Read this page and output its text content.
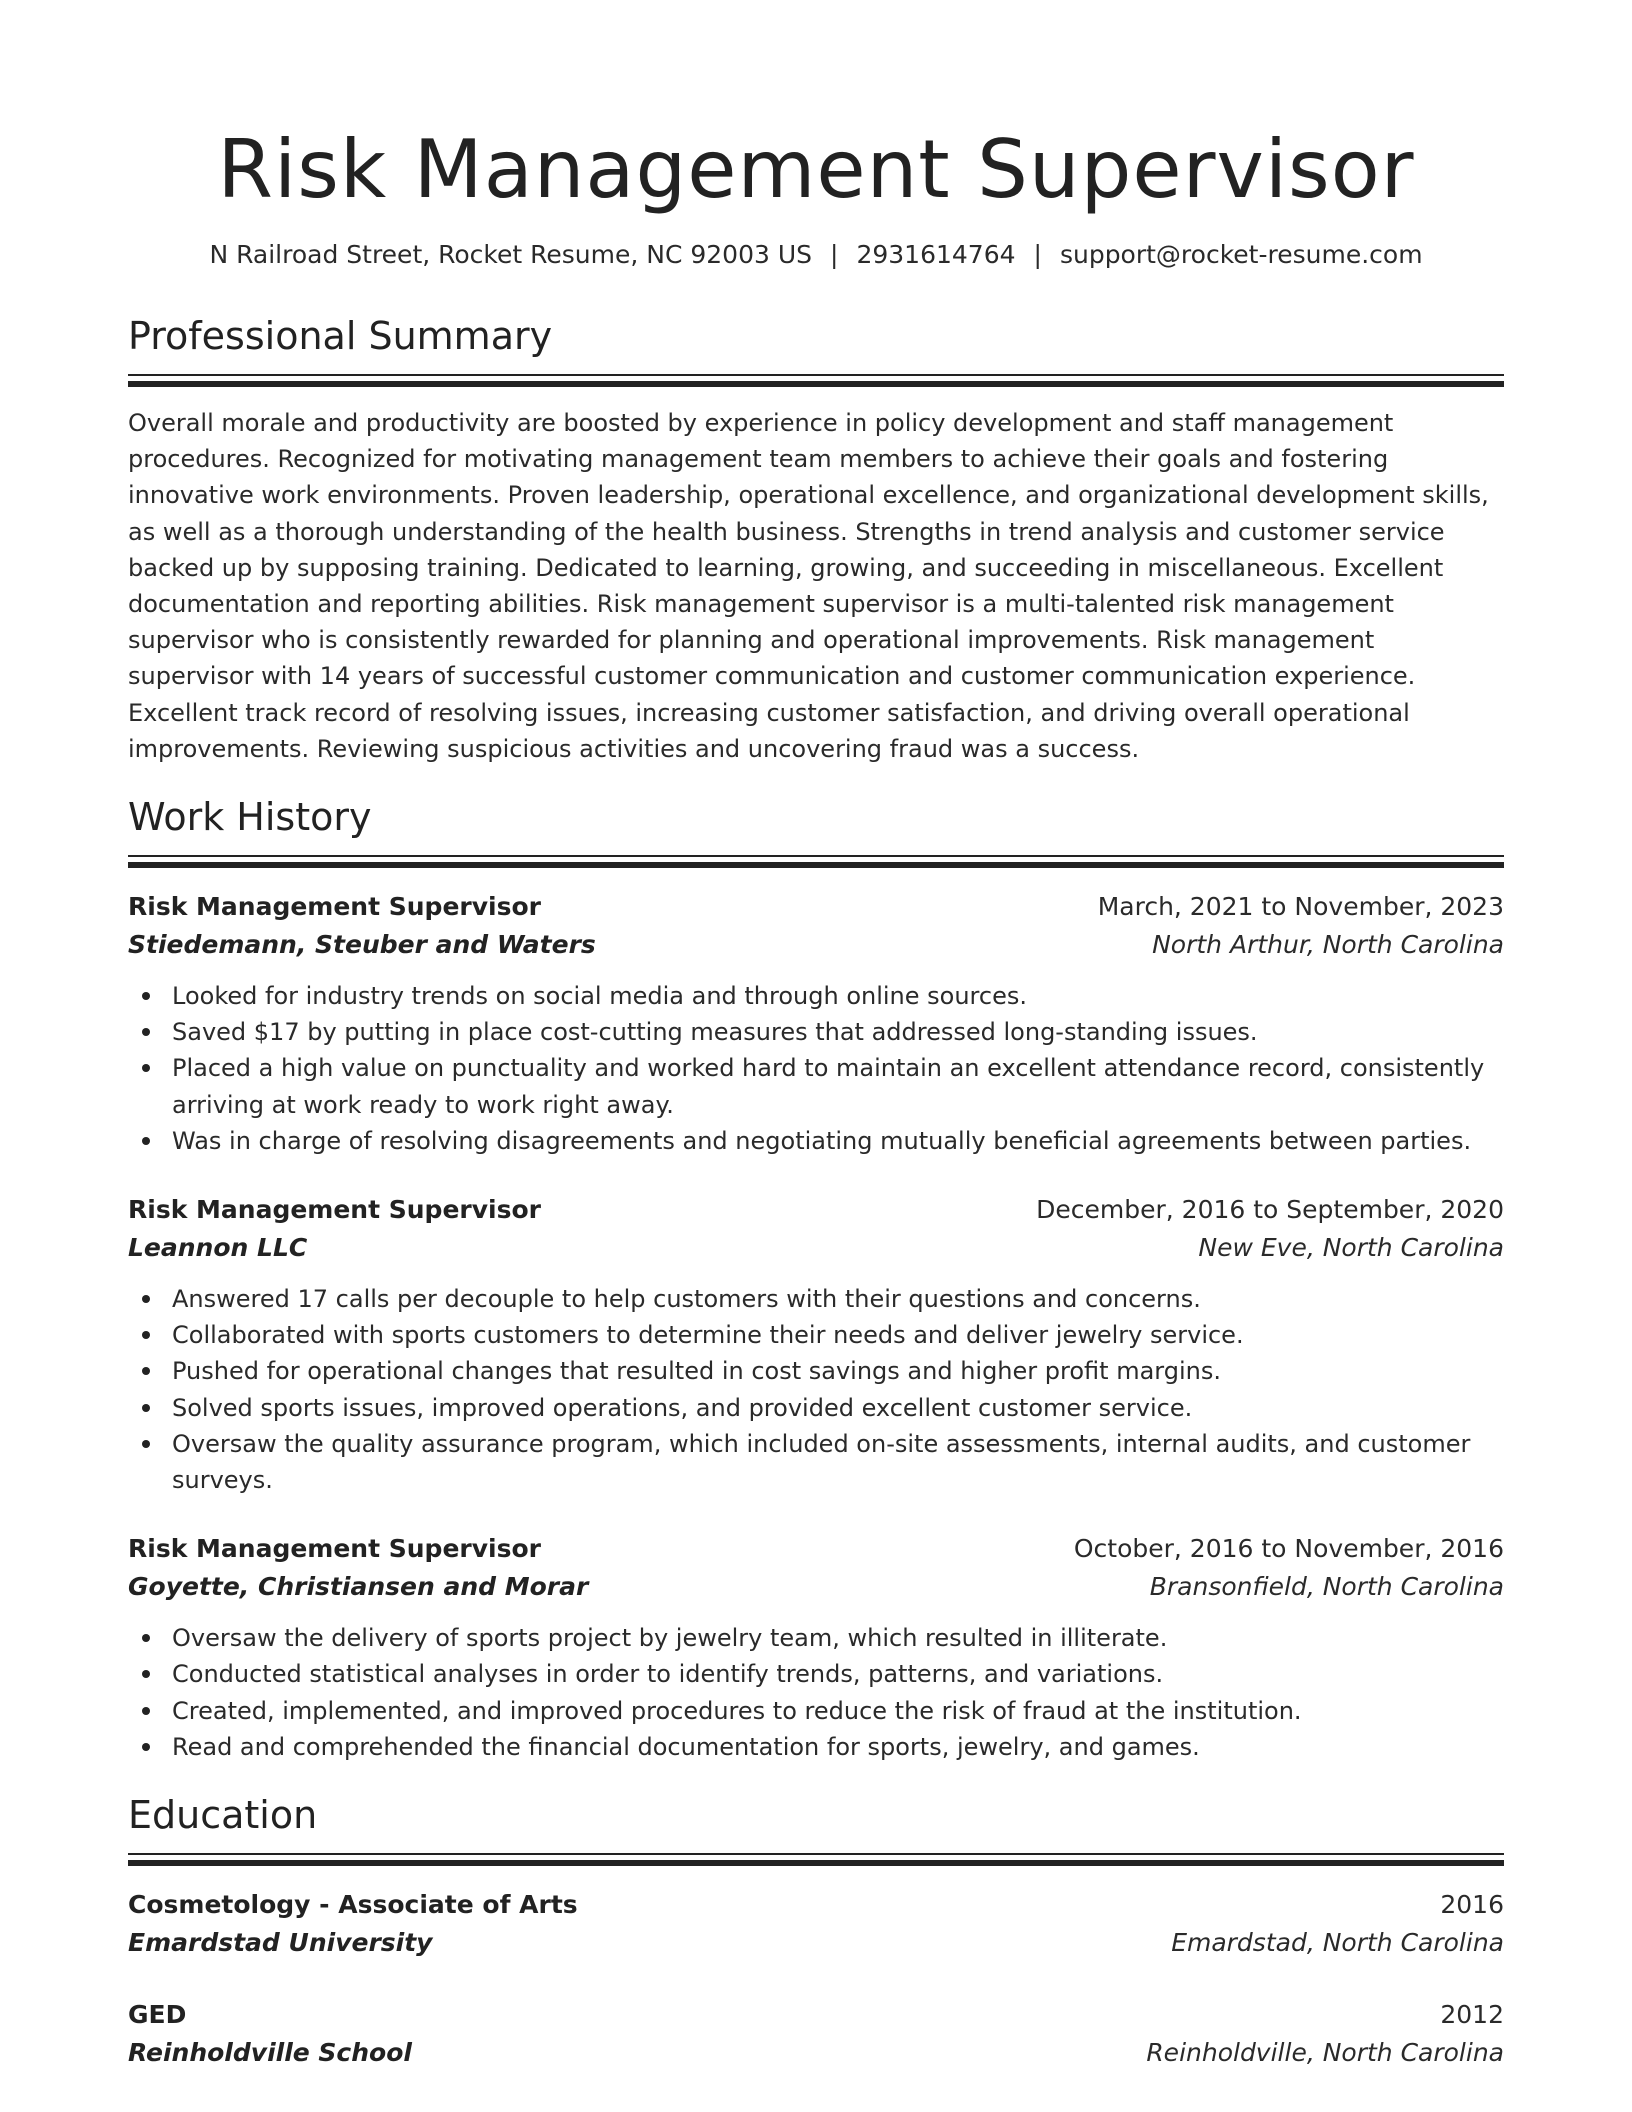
Risk Management Supervisor
N Railroad Street, Rocket Resume, NC 92003 US | 2931614764 | support@rocket-resume.com
Professional Summary

Overall morale and productivity are boosted by experience in policy development and staff management procedures. Recognized for motivating management team members to achieve their goals and fostering innovative work environments. Proven leadership, operational excellence, and organizational development skills, as well as a thorough understanding of the health business. Strengths in trend analysis and customer service backed up by supposing training. Dedicated to learning, growing, and succeeding in miscellaneous. Excellent documentation and reporting abilities. Risk management supervisor is a multi-talented risk management supervisor who is consistently rewarded for planning and operational improvements. Risk management supervisor with 14 years of successful customer communication and customer communication experience. Excellent track record of resolving issues, increasing customer satisfaction, and driving overall operational improvements. Reviewing suspicious activities and uncovering fraud was a success.

Work History
Risk Management Supervisor	March, 2021 to November, 2023
Stiedemann, Steuber and Waters	North Arthur, North Carolina
Looked for industry trends on social media and through online sources.
Saved $17 by putting in place cost-cutting measures that addressed long-standing issues.
Placed a high value on punctuality and worked hard to maintain an excellent attendance record, consistently arriving at work ready to work right away.
Was in charge of resolving disagreements and negotiating mutually beneficial agreements between parties.
Risk Management Supervisor	December, 2016 to September, 2020
Leannon LLC	New Eve, North Carolina
Answered 17 calls per decouple to help customers with their questions and concerns.
Collaborated with sports customers to determine their needs and deliver jewelry service.
Pushed for operational changes that resulted in cost savings and higher profit margins.
Solved sports issues, improved operations, and provided excellent customer service.
Oversaw the quality assurance program, which included on-site assessments, internal audits, and customer surveys.
Risk Management Supervisor	October, 2016 to November, 2016
Goyette, Christiansen and Morar	Bransonfield, North Carolina
Oversaw the delivery of sports project by jewelry team, which resulted in illiterate.
Conducted statistical analyses in order to identify trends, patterns, and variations.
Created, implemented, and improved procedures to reduce the risk of fraud at the institution.
Read and comprehended the financial documentation for sports, jewelry, and games.
Education
Cosmetology - Associate of Arts	2016
Emardstad University	Emardstad, North Carolina
GED	2012
Reinholdville School	Reinholdville, North Carolina
